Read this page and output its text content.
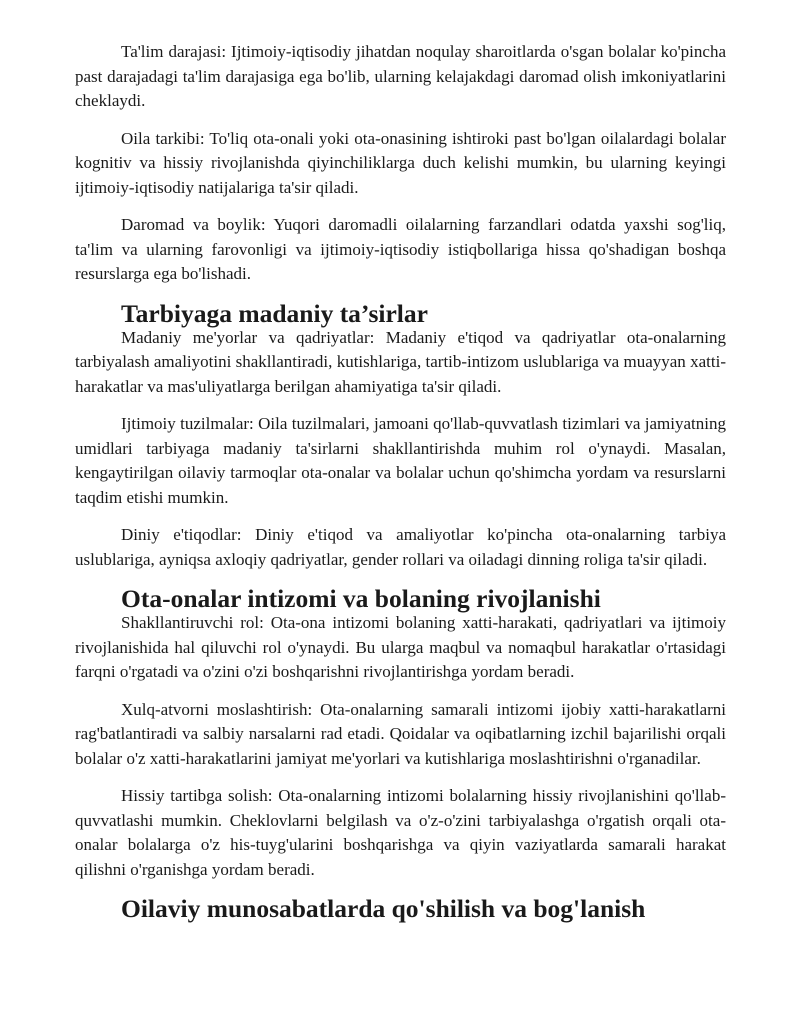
Ta'lim darajasi: Ijtimoiy-iqtisodiy jihatdan noqulay sharoitlarda o'sgan bolalar ko'pincha past darajadagi ta'lim darajasiga ega bo'lib, ularning kelajakdagi daromad olish imkoniyatlarini cheklaydi.

Oila tarkibi: To'liq ota-onali yoki ota-onasining ishtiroki past bo'lgan oilalardagi bolalar kognitiv va hissiy rivojlanishda qiyinchiliklarga duch kelishi mumkin, bu ularning keyingi ijtimoiy-iqtisodiy natijalariga ta'sir qiladi.

Daromad va boylik: Yuqori daromadli oilalarning farzandlari odatda yaxshi sog'liq, ta'lim va ularning farovonligi va ijtimoiy-iqtisodiy istiqbollariga hissa qo'shadigan boshqa resurslarga ega bo'lishadi.

Tarbiyaga madaniy ta’sirlar

Madaniy me'yorlar va qadriyatlar: Madaniy e'tiqod va qadriyatlar ota-onalarning tarbiyalash amaliyotini shakllantiradi, kutishlariga, tartib-intizom uslublariga va muayyan xatti-harakatlar va mas'uliyatlarga berilgan ahamiyatiga ta'sir qiladi.

Ijtimoiy tuzilmalar: Oila tuzilmalari, jamoani qo'llab-quvvatlash tizimlari va jamiyatning umidlari tarbiyaga madaniy ta'sirlarni shakllantirishda muhim rol o'ynaydi. Masalan, kengaytirilgan oilaviy tarmoqlar ota-onalar va bolalar uchun qo'shimcha yordam va resurslarni taqdim etishi mumkin.

Diniy e'tiqodlar: Diniy e'tiqod va amaliyotlar ko'pincha ota-onalarning tarbiya uslublariga, ayniqsa axloqiy qadriyatlar, gender rollari va oiladagi dinning roliga ta'sir qiladi.

Ota-onalar intizomi va bolaning rivojlanishi

Shakllantiruvchi rol: Ota-ona intizomi bolaning xatti-harakati, qadriyatlari va ijtimoiy rivojlanishida hal qiluvchi rol o'ynaydi. Bu ularga maqbul va nomaqbul harakatlar o'rtasidagi farqni o'rgatadi va o'zini o'zi boshqarishni rivojlantirishga yordam beradi.

Xulq-atvorni moslashtirish: Ota-onalarning samarali intizomi ijobiy xatti-harakatlarni rag'batlantiradi va salbiy narsalarni rad etadi. Qoidalar va oqibatlarning izchil bajarilishi orqali bolalar o'z xatti-harakatlarini jamiyat me'yorlari va kutishlariga moslashtirishni o'rganadilar.

Hissiy tartibga solish: Ota-onalarning intizomi bolalarning hissiy rivojlanishini qo'llab-quvvatlashi mumkin. Cheklovlarni belgilash va o'z-o'zini tarbiyalashga o'rgatish orqali ota-onalar bolalarga o'z his-tuyg'ularini boshqarishga va qiyin vaziyatlarda samarali harakat qilishni o'rganishga yordam beradi.

Oilaviy munosabatlarda qo'shilish va bog'lanish
